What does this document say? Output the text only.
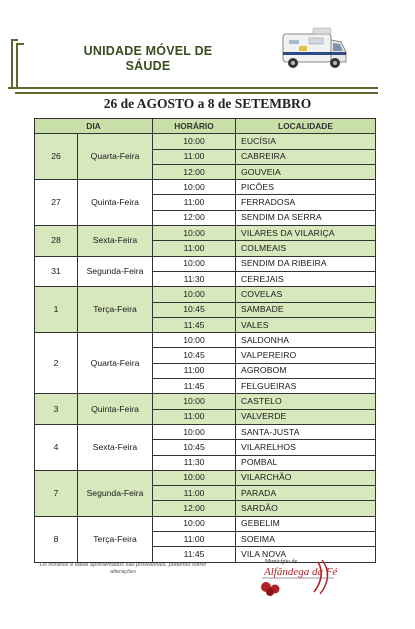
UNIDADE MÓVEL DE
SÁUDE
26 de AGOSTO a 8 de SETEMBRO
DIA		HORÁRIO	LOCALIDADE
26	Quarta-Feira	10:00	EUCÍSIA
		11:00	CABREIRA
		12:00	GOUVEIA
27	Quinta-Feira	10:00	PICÕES
		11:00	FERRADOSA
		12:00	SENDIM DA SERRA
28	Sexta-Feira	10:00	VILARES DA VILARIÇA
		11:00	COLMEAIS
31	Segunda-Feira	10:00	SENDIM DA RIBEIRA
		11:30	CEREJAIS
1	Terça-Feira	10:00	COVELAS
		10:45	SAMBADE
		11:45	VALES
2	Quarta-Feira	10:00	SALDONHA
		10:45	VALPEREIRO
		11:00	AGROBOM
		11:45	FELGUEIRAS
3	Quinta-Feira	10:00	CASTELO
		11:00	VALVERDE
4	Sexta-Feira	10:00	SANTA-JUSTA
		10:45	VILARELHOS
		11:30	POMBAL
7	Segunda-Feira	10:00	VILARCHÃO
		11:00	PARADA
		12:00	SARDÃO
8	Terça-Feira	10:00	GEBELIM
		11:00	SOEIMA
		11:45	VILA NOVA
Os horários e datas apresentados são provisionais, podendo sofrer alterações
Município de
Alfândega da Fé
